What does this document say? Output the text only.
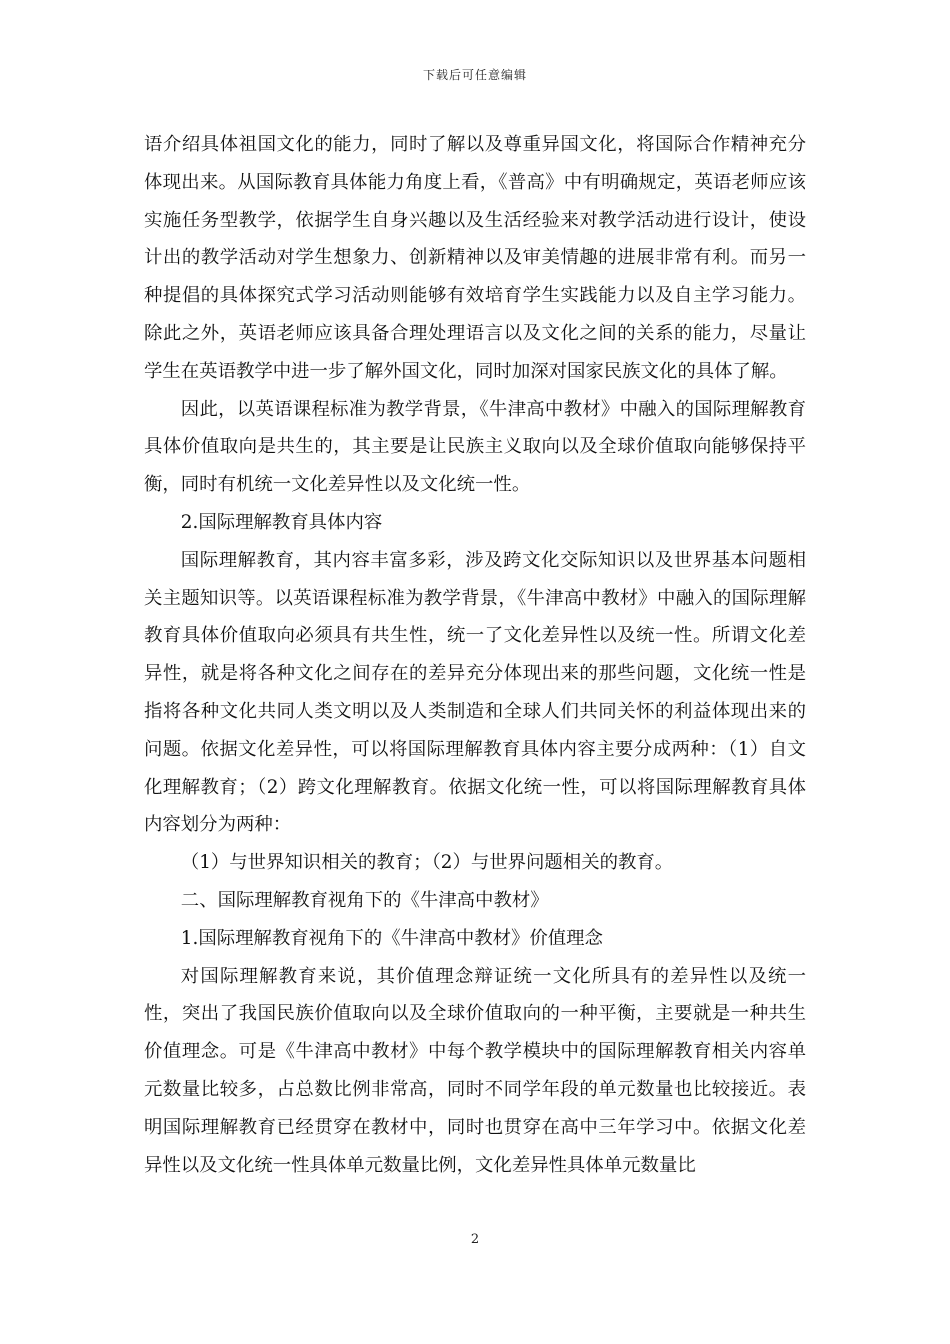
下载后可任意编辑

语介绍具体祖国文化的能力，同时了解以及尊重异国文化，将国际合作精神充分体现出来。从国际教育具体能力角度上看，《普高》中有明确规定，英语老师应该实施任务型教学，依据学生自身兴趣以及生活经验来对教学活动进行设计，使设计出的教学活动对学生想象力、创新精神以及审美情趣的进展非常有利。而另一种提倡的具体探究式学习活动则能够有效培育学生实践能力以及自主学习能力。除此之外，英语老师应该具备合理处理语言以及文化之间的关系的能力，尽量让学生在英语教学中进一步了解外国文化，同时加深对国家民族文化的具体了解。

因此，以英语课程标准为教学背景，《牛津高中教材》中融入的国际理解教育具体价值取向是共生的，其主要是让民族主义取向以及全球价值取向能够保持平衡，同时有机统一文化差异性以及文化统一性。

2.国际理解教育具体内容

国际理解教育，其内容丰富多彩，涉及跨文化交际知识以及世界基本问题相关主题知识等。以英语课程标准为教学背景，《牛津高中教材》中融入的国际理解教育具体价值取向必须具有共生性，统一了文化差异性以及统一性。所谓文化差异性，就是将各种文化之间存在的差异充分体现出来的那些问题，文化统一性是指将各种文化共同人类文明以及人类制造和全球人们共同关怀的利益体现出来的问题。依据文化差异性，可以将国际理解教育具体内容主要分成两种：（1）自文化理解教育；（2）跨文化理解教育。依据文化统一性，可以将国际理解教育具体内容划分为两种：

（1）与世界知识相关的教育；（2）与世界问题相关的教育。

二、国际理解教育视角下的《牛津高中教材》

1.国际理解教育视角下的《牛津高中教材》价值理念

对国际理解教育来说，其价值理念辩证统一文化所具有的差异性以及统一性，突出了我国民族价值取向以及全球价值取向的一种平衡，主要就是一种共生价值理念。可是《牛津高中教材》中每个教学模块中的国际理解教育相关内容单元数量比较多，占总数比例非常高，同时不同学年段的单元数量也比较接近。表明国际理解教育已经贯穿在教材中，同时也贯穿在高中三年学习中。依据文化差异性以及文化统一性具体单元数量比例，文化差异性具体单元数量比

2
